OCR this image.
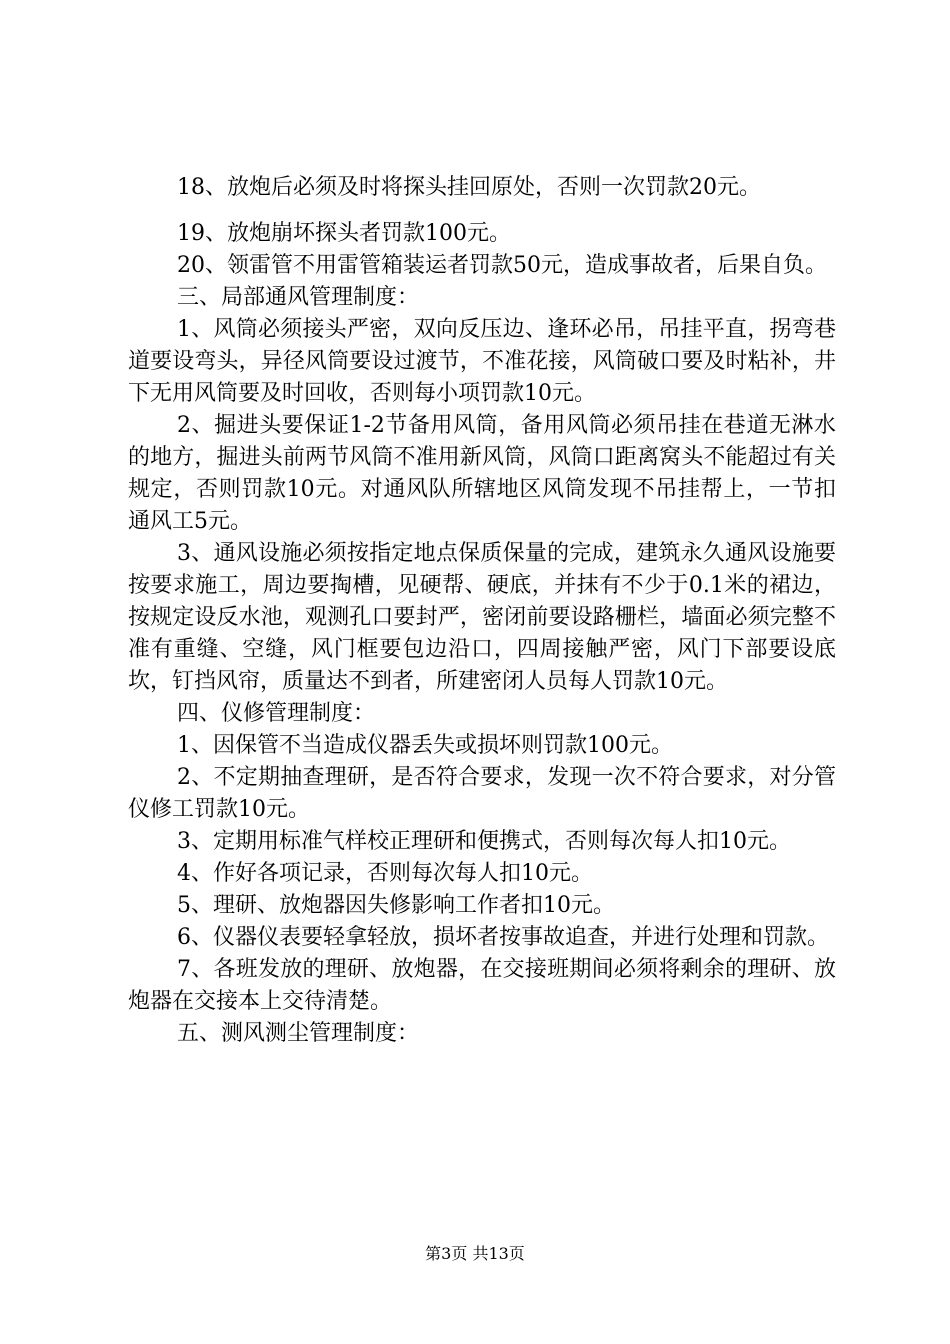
18、放炮后必须及时将探头挂回原处，否则一次罚款20元。

19、放炮崩坏探头者罚款100元。

20、领雷管不用雷管箱装运者罚款50元，造成事故者，后果自负。

三、局部通风管理制度：

1、风筒必须接头严密，双向反压边、逢环必吊，吊挂平直，拐弯巷道要设弯头，异径风筒要设过渡节，不准花接，风筒破口要及时粘补，井下无用风筒要及时回收，否则每小项罚款10元。

2、掘进头要保证1-2节备用风筒，备用风筒必须吊挂在巷道无淋水的地方，掘进头前两节风筒不准用新风筒，风筒口距离窝头不能超过有关规定，否则罚款10元。对通风队所辖地区风筒发现不吊挂帮上，一节扣通风工5元。

3、通风设施必须按指定地点保质保量的完成，建筑永久通风设施要按要求施工，周边要掏槽，见硬帮、硬底，并抹有不少于0.1米的裙边，按规定设反水池，观测孔口要封严，密闭前要设路栅栏，墙面必须完整不准有重缝、空缝，风门框要包边沿口，四周接触严密，风门下部要设底坎，钉挡风帘，质量达不到者，所建密闭人员每人罚款10元。

四、仪修管理制度：

1、因保管不当造成仪器丢失或损坏则罚款100元。

2、不定期抽查理研，是否符合要求，发现一次不符合要求，对分管仪修工罚款10元。

3、定期用标准气样校正理研和便携式，否则每次每人扣10元。

4、作好各项记录，否则每次每人扣10元。

5、理研、放炮器因失修影响工作者扣10元。

6、仪器仪表要轻拿轻放，损坏者按事故追查，并进行处理和罚款。

7、各班发放的理研、放炮器，在交接班期间必须将剩余的理研、放炮器在交接本上交待清楚。

五、测风测尘管理制度：

第3页 共13页
